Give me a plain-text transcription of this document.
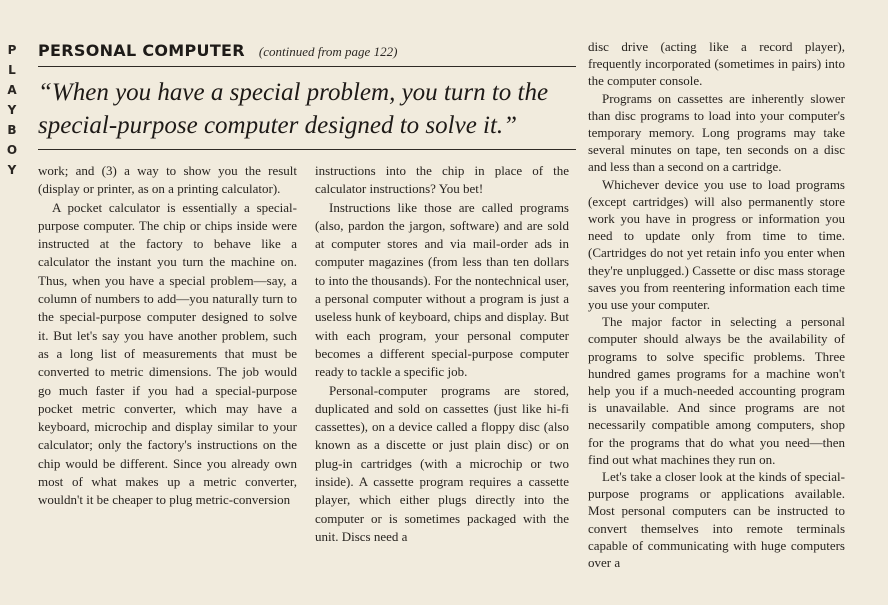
P
L
A
Y
B
O
Y
PERSONAL COMPUTER (continued from page 122)
“When you have a special problem, you turn to the special-purpose computer designed to solve it.”

work; and (3) a way to show you the result (display or printer, as on a printing calculator).

A pocket calculator is essentially a special-purpose computer. The chip or chips inside were instructed at the factory to behave like a calculator the instant you turn the machine on. Thus, when you have a special problem—say, a column of numbers to add—you naturally turn to the special-purpose computer designed to solve it. But let's say you have another problem, such as a long list of measurements that must be converted to metric dimensions. The job would go much faster if you had a special-purpose pocket metric converter, which may have a keyboard, microchip and display similar to your calculator; only the factory's instructions on the chip would be different. Since you already own most of what makes up a metric converter, wouldn't it be cheaper to plug metric-conversion

instructions into the chip in place of the calculator instructions? You bet!

Instructions like those are called programs (also, pardon the jargon, software) and are sold at computer stores and via mail-order ads in computer magazines (from less than ten dollars to into the thousands). For the nontechnical user, a personal computer without a program is just a useless hunk of keyboard, chips and display. But with each program, your personal computer becomes a different special-purpose computer ready to tackle a specific job.

Personal-computer programs are stored, duplicated and sold on cassettes (just like hi-fi cassettes), on a device called a floppy disc (also known as a discette or just plain disc) or on plug-in cartridges (with a microchip or two inside). A cassette program requires a cassette player, which either plugs directly into the computer or is sometimes packaged with the unit. Discs need a

disc drive (acting like a record player), frequently incorporated (sometimes in pairs) into the computer console.

Programs on cassettes are inherently slower than disc programs to load into your computer's temporary memory. Long programs may take several minutes on tape, ten seconds on a disc and less than a second on a cartridge.

Whichever device you use to load programs (except cartridges) will also permanently store work you have in progress or information you need to update only from time to time. (Cartridges do not yet retain info you enter when they're unplugged.) Cassette or disc mass storage saves you from reentering information each time you use your computer.

The major factor in selecting a personal computer should always be the availability of programs to solve specific problems. Three hundred games programs for a machine won't help you if a much-needed accounting program is unavailable. And since programs are not necessarily compatible among computers, shop for the programs that do what you need—then find out what machines they run on.

Let's take a closer look at the kinds of special-purpose programs or applications available. Most personal computers can be instructed to convert themselves into remote terminals capable of communicating with huge computers over a
